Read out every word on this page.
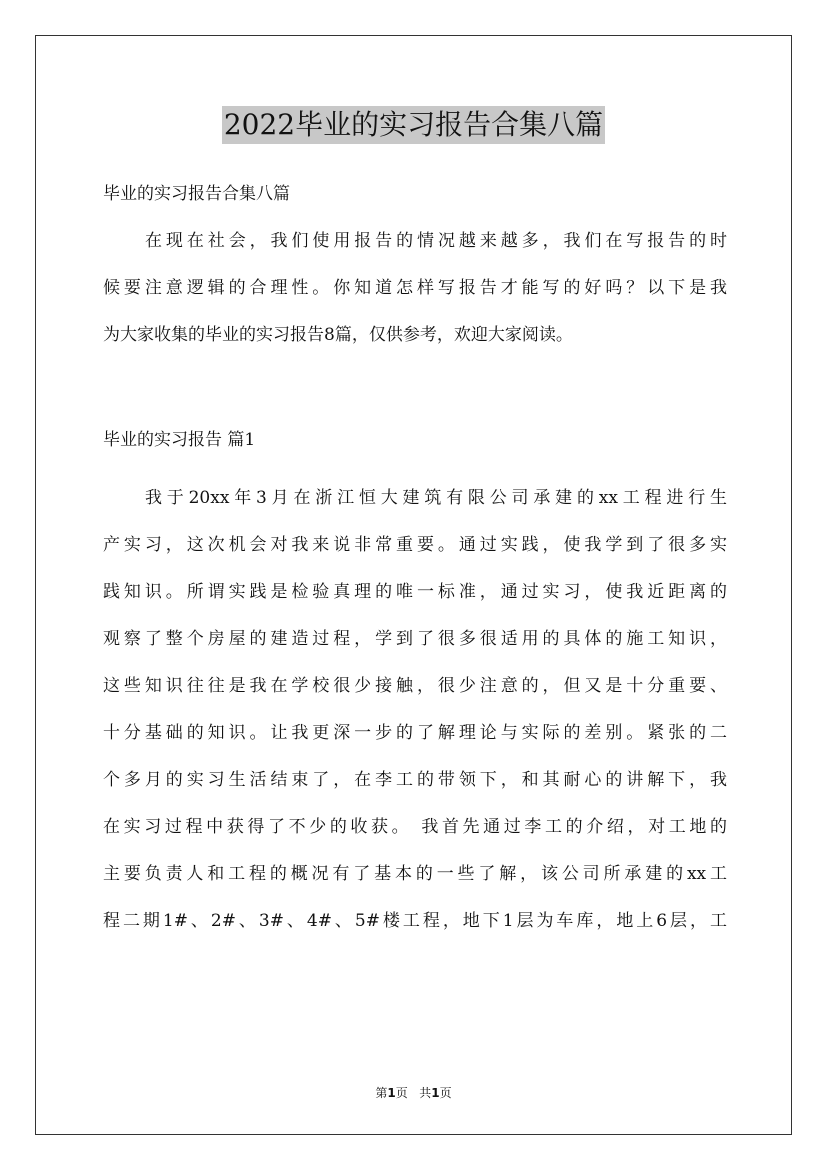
2022毕业的实习报告合集八篇

毕业的实习报告合集八篇

在现在社会，我们使用报告的情况越来越多，我们在写报告的时

候要注意逻辑的合理性。你知道怎样写报告才能写的好吗？以下是我

为大家收集的毕业的实习报告8篇，仅供参考，欢迎大家阅读。

毕业的实习报告 篇1

我于20xx年3月在浙江恒大建筑有限公司承建的xx工程进行生

产实习，这次机会对我来说非常重要。通过实践，使我学到了很多实

践知识。所谓实践是检验真理的唯一标准，通过实习，使我近距离的

观察了整个房屋的建造过程，学到了很多很适用的具体的施工知识，

这些知识往往是我在学校很少接触，很少注意的，但又是十分重要、

十分基础的知识。让我更深一步的了解理论与实际的差别。紧张的二

个多月的实习生活结束了，在李工的带领下，和其耐心的讲解下，我

在实习过程中获得了不少的收获。 我首先通过李工的介绍，对工地的

主要负责人和工程的概况有了基本的一些了解，该公司所承建的xx工

程二期1#、2#、3#、4#、5#楼工程，地下1层为车库，地上6层，工

第1页   共1页
